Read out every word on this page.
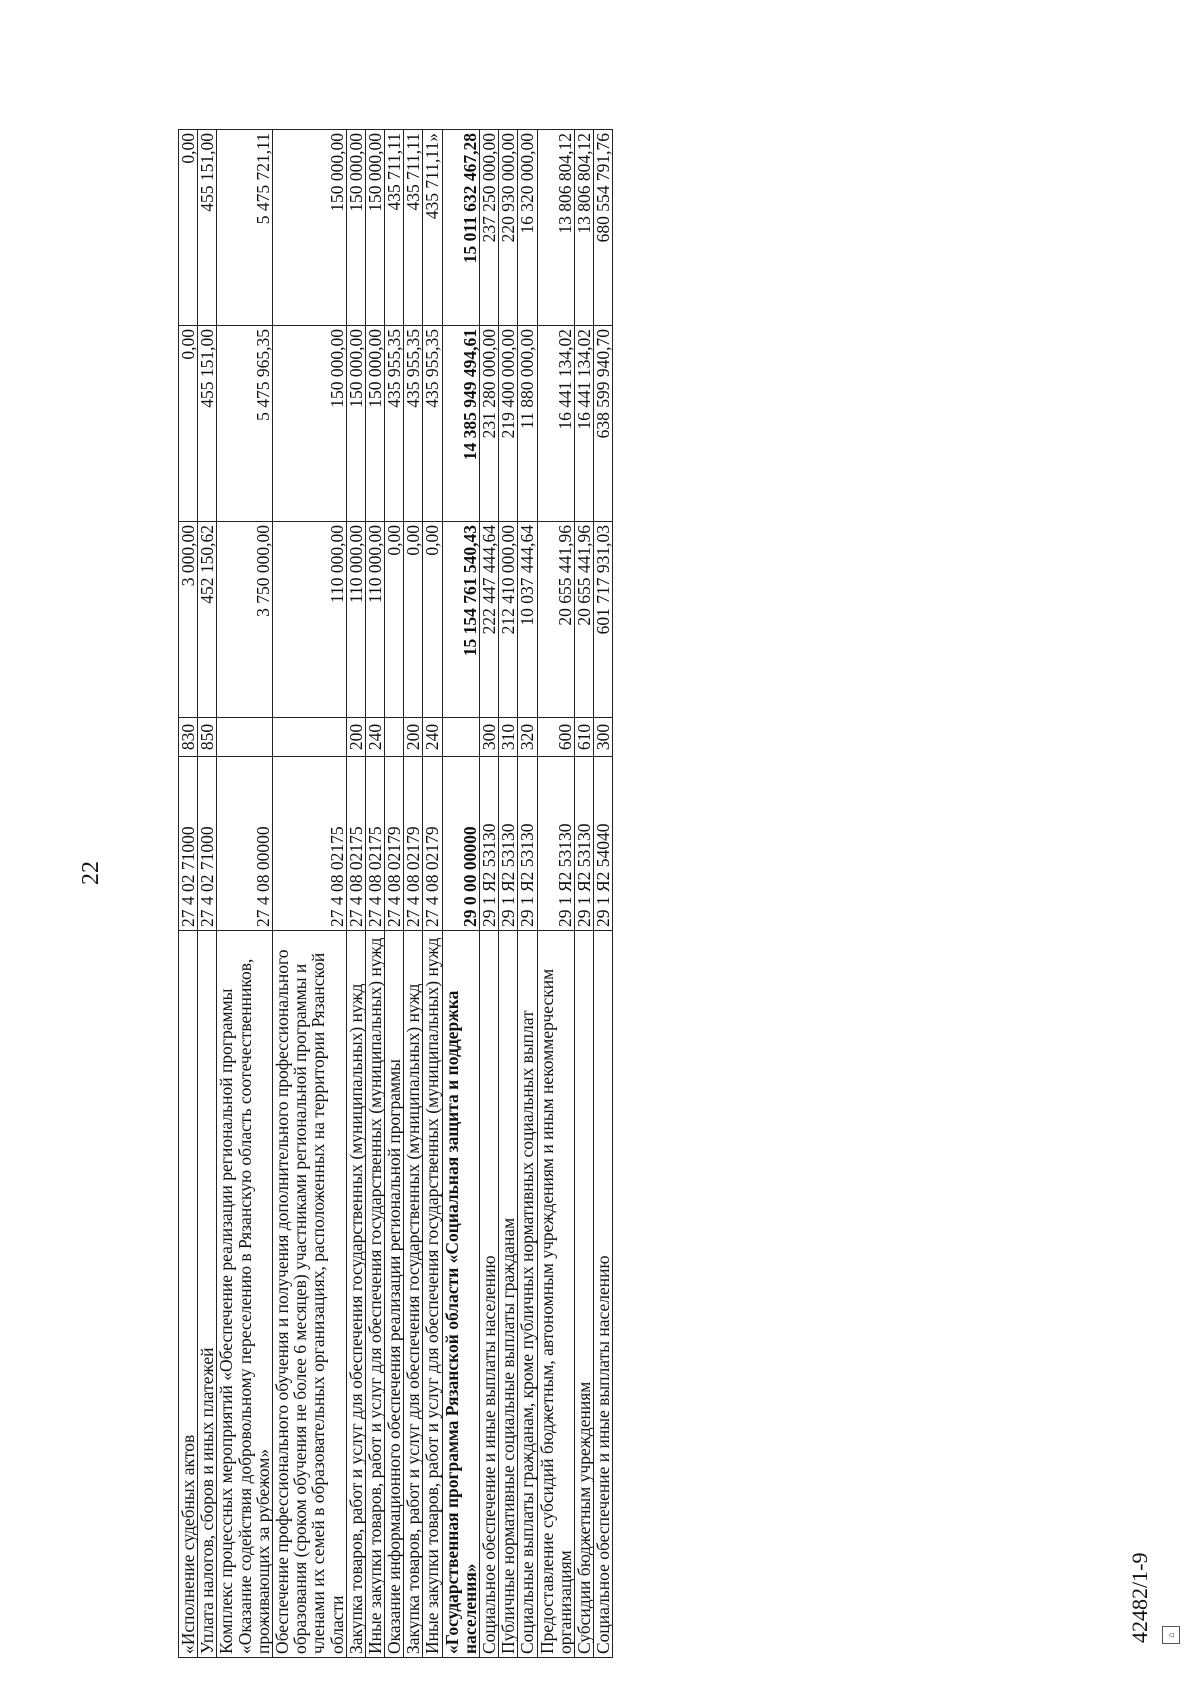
22
«Исполнение судебных актов	27 4 02 71000	830	3 000,00	0,00	0,00
Уплата налогов, сборов и иных платежей	27 4 02 71000	850	452 150,62	455 151,00	455 151,00
Комплекс процессных мероприятий «Обеспечение реализации региональной программы «Оказание содействия добровольному переселению в Рязанскую область соотечественников, проживающих за рубежом»	27 4 08 00000		3 750 000,00	5 475 965,35	5 475 721,11
Обеспечение профессионального обучения и получения дополнительного профессионального образования (сроком обучения не более 6 месяцев) участниками региональной программы и членами их семей в образовательных организациях, расположенных на территории Рязанской области	27 4 08 02175		110 000,00	150 000,00	150 000,00
Закупка товаров, работ и услуг для обеспечения государственных (муниципальных) нужд	27 4 08 02175	200	110 000,00	150 000,00	150 000,00
Иные закупки товаров, работ и услуг для обеспечения государственных (муниципальных) нужд	27 4 08 02175	240	110 000,00	150 000,00	150 000,00
Оказание информационного обеспечения реализации региональной программы	27 4 08 02179		0,00	435 955,35	435 711,11
Закупка товаров, работ и услуг для обеспечения государственных (муниципальных) нужд	27 4 08 02179	200	0,00	435 955,35	435 711,11
Иные закупки товаров, работ и услуг для обеспечения государственных (муниципальных) нужд	27 4 08 02179	240	0,00	435 955,35	435 711,11»
«Государственная программа Рязанской области «Социальная защита и поддержка населения»	29 0 00 00000		15 154 761 540,43	14 385 949 494,61	15 011 632 467,28
Социальное обеспечение и иные выплаты населению	29 1 Я2 53130	300	222 447 444,64	231 280 000,00	237 250 000,00
Публичные нормативные социальные выплаты гражданам	29 1 Я2 53130	310	212 410 000,00	219 400 000,00	220 930 000,00
Социальные выплаты гражданам, кроме публичных нормативных социальных выплат	29 1 Я2 53130	320	10 037 444,64	11 880 000,00	16 320 000,00
Предоставление субсидий бюджетным, автономным учреждениям и иным некоммерческим организациям	29 1 Я2 53130	600	20 655 441,96	16 441 134,02	13 806 804,12
Субсидии бюджетным учреждениям	29 1 Я2 53130	610	20 655 441,96	16 441 134,02	13 806 804,12
Социальное обеспечение и иные выплаты населению	29 1 Я2 54040	300	601 717 931,03	638 599 940,70	680 554 791,76
⌂
42482/1-9
